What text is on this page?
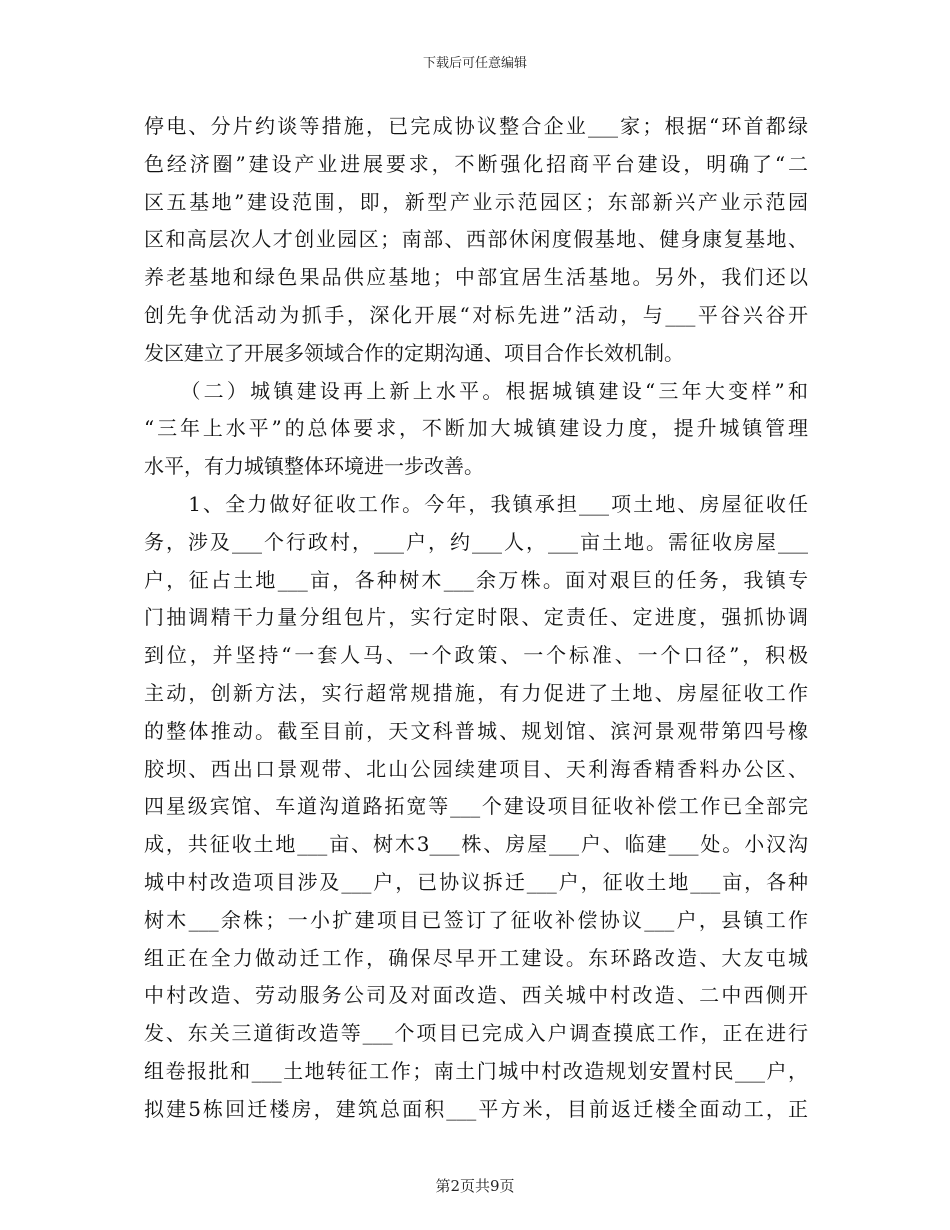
下载后可任意编辑
停电、分片约谈等措施，已完成协议整合企业___家；根据“环首都绿
色经济圈”建设产业进展要求，不断强化招商平台建设，明确了“二
区五基地”建设范围，即，新型产业示范园区；东部新兴产业示范园
区和高层次人才创业园区；南部、西部休闲度假基地、健身康复基地、
养老基地和绿色果品供应基地；中部宜居生活基地。另外，我们还以
创先争优活动为抓手，深化开展“对标先进”活动，与___平谷兴谷开
发区建立了开展多领域合作的定期沟通、项目合作长效机制。
　　（二）城镇建设再上新上水平。根据城镇建设“三年大变样”和
“三年上水平”的总体要求，不断加大城镇建设力度，提升城镇管理
水平，有力城镇整体环境进一步改善。
　　1、全力做好征收工作。今年，我镇承担___项土地、房屋征收任
务，涉及___个行政村，___户，约___人，___亩土地。需征收房屋___
户，征占土地___亩，各种树木___余万株。面对艰巨的任务，我镇专
门抽调精干力量分组包片，实行定时限、定责任、定进度，强抓协调
到位，并坚持“一套人马、一个政策、一个标准、一个口径”，积极
主动，创新方法，实行超常规措施，有力促进了土地、房屋征收工作
的整体推动。截至目前，天文科普城、规划馆、滨河景观带第四号橡
胶坝、西出口景观带、北山公园续建项目、天利海香精香料办公区、
四星级宾馆、车道沟道路拓宽等___个建设项目征收补偿工作已全部完
成，共征收土地___亩、树木3___株、房屋___户、临建___处。小汉沟
城中村改造项目涉及___户，已协议拆迁___户，征收土地___亩，各种
树木___余株；一小扩建项目已签订了征收补偿协议___户，县镇工作
组正在全力做动迁工作，确保尽早开工建设。东环路改造、大友屯城
中村改造、劳动服务公司及对面改造、西关城中村改造、二中西侧开
发、东关三道街改造等___个项目已完成入户调查摸底工作，正在进行
组卷报批和___土地转征工作；南土门城中村改造规划安置村民___户，
拟建5栋回迁楼房，建筑总面积___平方米，目前返迁楼全面动工，正
第2页共9页
